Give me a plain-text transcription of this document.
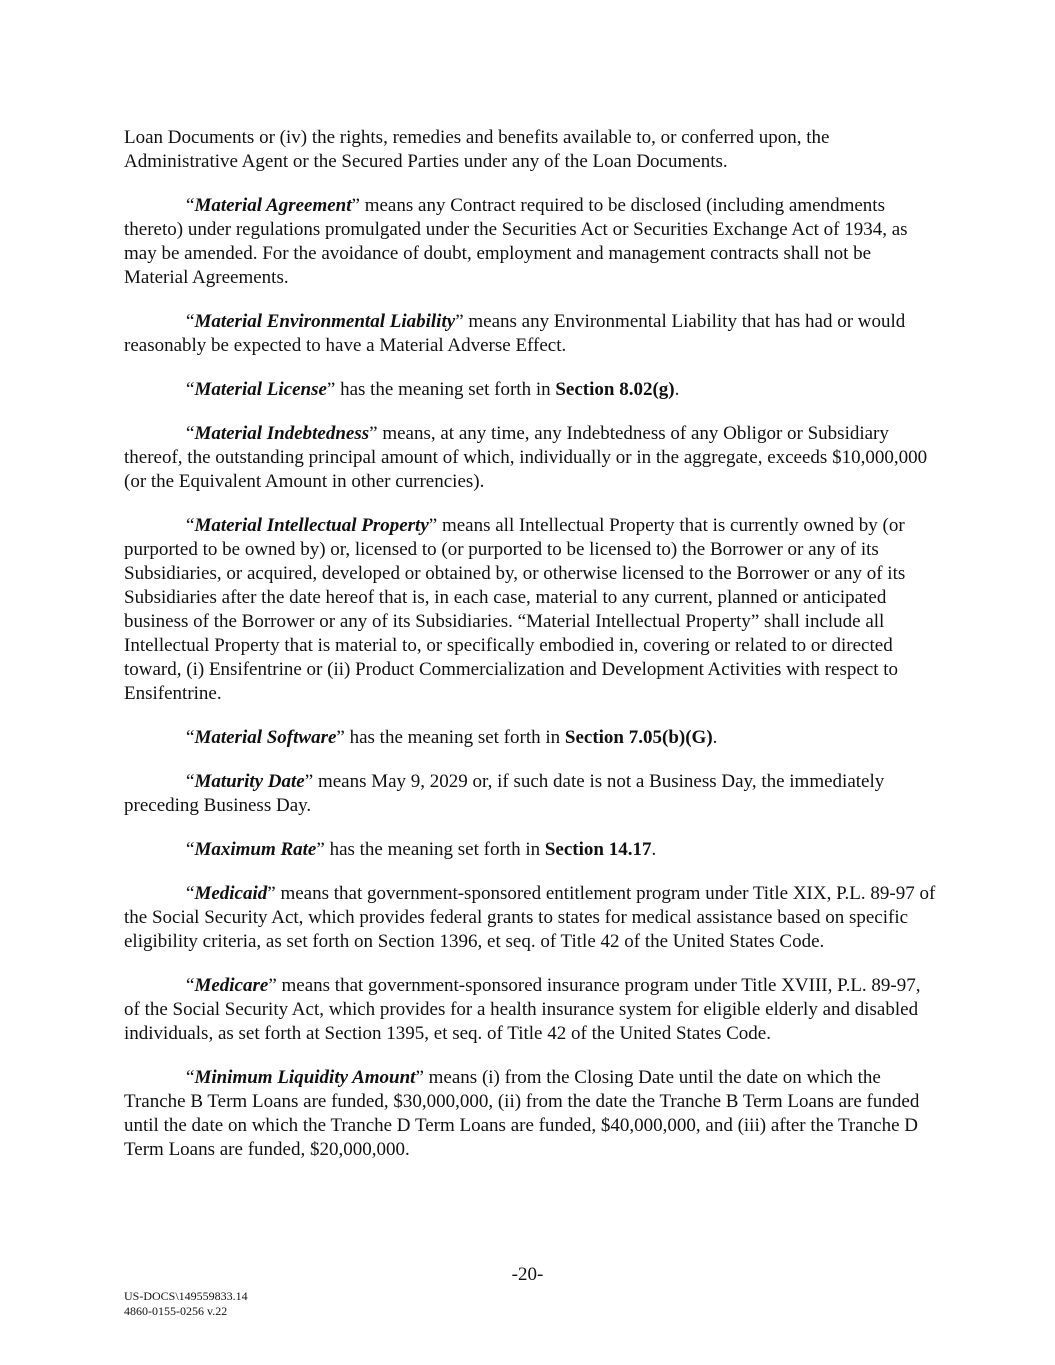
Loan Documents or (iv) the rights, remedies and benefits available to, or conferred upon, the Administrative Agent or the Secured Parties under any of the Loan Documents.

“Material Agreement” means any Contract required to be disclosed (including amendments thereto) under regulations promulgated under the Securities Act or Securities Exchange Act of 1934, as may be amended. For the avoidance of doubt, employment and management contracts shall not be Material Agreements.

“Material Environmental Liability” means any Environmental Liability that has had or would reasonably be expected to have a Material Adverse Effect.

“Material License” has the meaning set forth in Section 8.02(g).

“Material Indebtedness” means, at any time, any Indebtedness of any Obligor or Subsidiary thereof, the outstanding principal amount of which, individually or in the aggregate, exceeds $10,000,000 (or the Equivalent Amount in other currencies).

“Material Intellectual Property” means all Intellectual Property that is currently owned by (or purported to be owned by) or, licensed to (or purported to be licensed to) the Borrower or any of its Subsidiaries, or acquired, developed or obtained by, or otherwise licensed to the Borrower or any of its Subsidiaries after the date hereof that is, in each case, material to any current, planned or anticipated business of the Borrower or any of its Subsidiaries. “Material Intellectual Property” shall include all Intellectual Property that is material to, or specifically embodied in, covering or related to or directed toward, (i) Ensifentrine or (ii) Product Commercialization and Development Activities with respect to Ensifentrine.

“Material Software” has the meaning set forth in Section 7.05(b)(G).

“Maturity Date” means May 9, 2029 or, if such date is not a Business Day, the immediately preceding Business Day.

“Maximum Rate” has the meaning set forth in Section 14.17.

“Medicaid” means that government-sponsored entitlement program under Title XIX, P.L. 89-97 of the Social Security Act, which provides federal grants to states for medical assistance based on specific eligibility criteria, as set forth on Section 1396, et seq. of Title 42 of the United States Code.

“Medicare” means that government-sponsored insurance program under Title XVIII, P.L. 89-97, of the Social Security Act, which provides for a health insurance system for eligible elderly and disabled individuals, as set forth at Section 1395, et seq. of Title 42 of the United States Code.

“Minimum Liquidity Amount” means (i) from the Closing Date until the date on which the Tranche B Term Loans are funded, $30,000,000, (ii) from the date the Tranche B Term Loans are funded until the date on which the Tranche D Term Loans are funded, $40,000,000, and (iii) after the Tranche D Term Loans are funded, $20,000,000.

-20-
US-DOCS\149559833.14
4860-0155-0256 v.22
